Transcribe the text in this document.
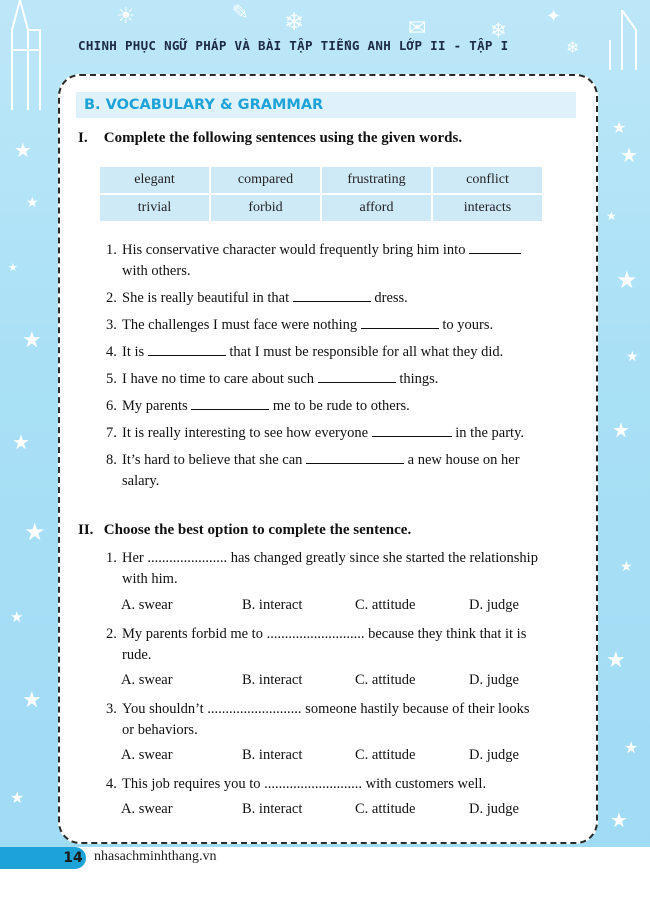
★
★
★
★
★
★
★
★
★
★
★
★
★
★
★
★
★
★
★
☀	❄	❄
❄
✦
✎
✉
CHINH PHỤC NGỮ PHÁP VÀ BÀI TẬP TIẾNG ANH LỚP II - TẬP I
B. VOCABULARY & GRAMMAR
I. Complete the following sentences using the given words.
elegant	compared	frustrating	conflict
trivial	forbid	afford	interacts
1. His conservative character would frequently bring him into
with others.
2. She is really beautiful in that	dress.
3. The challenges I must face were nothing	to yours.
4. It is	that I must be responsible for all what they did.
5. I have no time to care about such	things.
6. My parents	me to be rude to others.
7. It is really interesting to see how everyone	in the party.
8. It’s hard to believe that she can	a new house on her
salary.
II. Choose the best option to complete the sentence.
1. Her ...................... has changed greatly since she started the relationship
with him.
A. swear	B. interact	C. attitude	D. judge
2. My parents forbid me to ........................... because they think that it is
rude.
A. swear	B. interact	C. attitude	D. judge
3. You shouldn’t .......................... someone hastily because of their looks
or behaviors.
A. swear	B. interact	C. attitude	D. judge
4. This job requires you to ........................... with customers well.
A. swear	B. interact	C. attitude	D. judge
14 nhasachminhthang.vn
